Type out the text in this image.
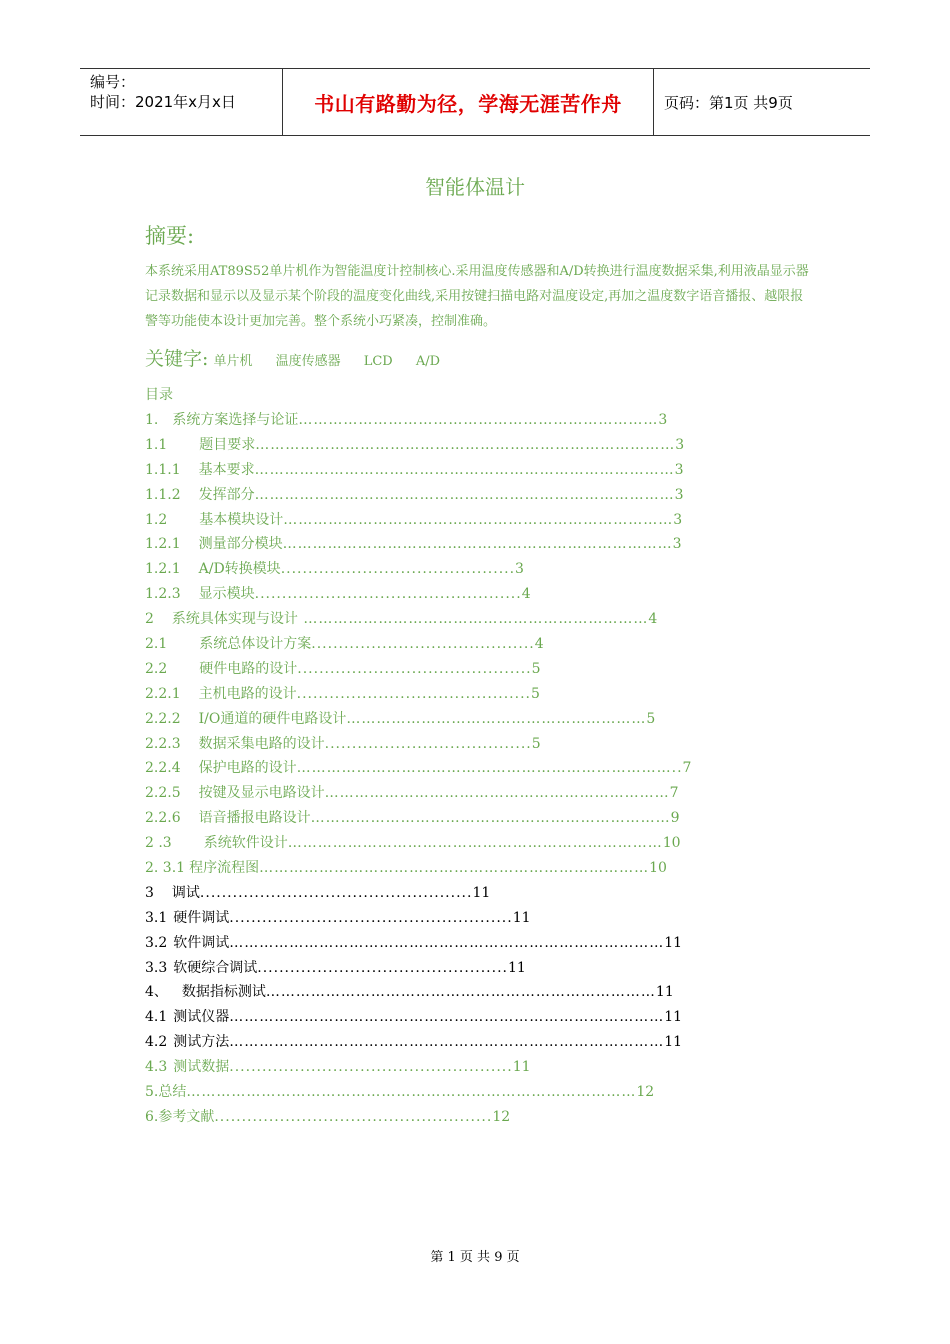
编号：
时间：2021年x月x日	书山有路勤为径，学海无涯苦作舟	页码：第1页 共9页
智能体温计
摘要:
本系统采用AT89S52单片机作为智能温度计控制核心.采用温度传感器和A/D转换进行温度数据采集,利用液晶显示器记录数据和显示以及显示某个阶段的温度变化曲线,采用按键扫描电路对温度设定,再加之温度数字语音播报、越限报警等功能使本设计更加完善。整个系统小巧紧凑，控制准确。
关键字: 单片机 温度传感器 LCD A/D
目录
1. 系统方案选择与论证………………………………………………………………3
1.1 题目要求…………………………………………………………………………3
1.1.1 基本要求…………………………………………………………………………3
1.1.2 发挥部分…………………………………………………………………………3
1.2 基本模块设计……………………………………………………………………3
1.2.1 测量部分模块……………………………………………………………………3
1.2.1 A/D转换模块...........................................3
1.2.3 显示模块.................................................4
2 系统具体实现与设计 ……………………………………………………………4
2.1 系统总体设计方案.........................................4
2.2 硬件电路的设计...........................................5
2.2.1 主机电路的设计...........................................5
2.2.2 I/O通道的硬件电路设计……………………………………………………5
2.2.3 数据采集电路的设计......................................5
2.2.4 保护电路的设计…………………………………………………………………..7
2.2.5 按键及显示电路设计……………………………………………………………7
2.2.6 语音播报电路设计………………………………………………………………9
2 .3 系统软件设计…………………………………………………………………10
2. 3.1 程序流程图……………………………………………………………………10
3 调试..................................................11
3.1 硬件调试....................................................11
3.2 软件调试……………………………………………………………………………11
3.3 软硬综合调试..............................................11
4、 数据指标测试……………………………………………………………………11
4.1 测试仪器……………………………………………………………………………11
4.2 测试方法……………………………………………………………………………11
4.3 测试数据....................................................11
5.总结………………………………………………………………………………12
6.参考文献...................................................12
第 1 页 共 9 页
